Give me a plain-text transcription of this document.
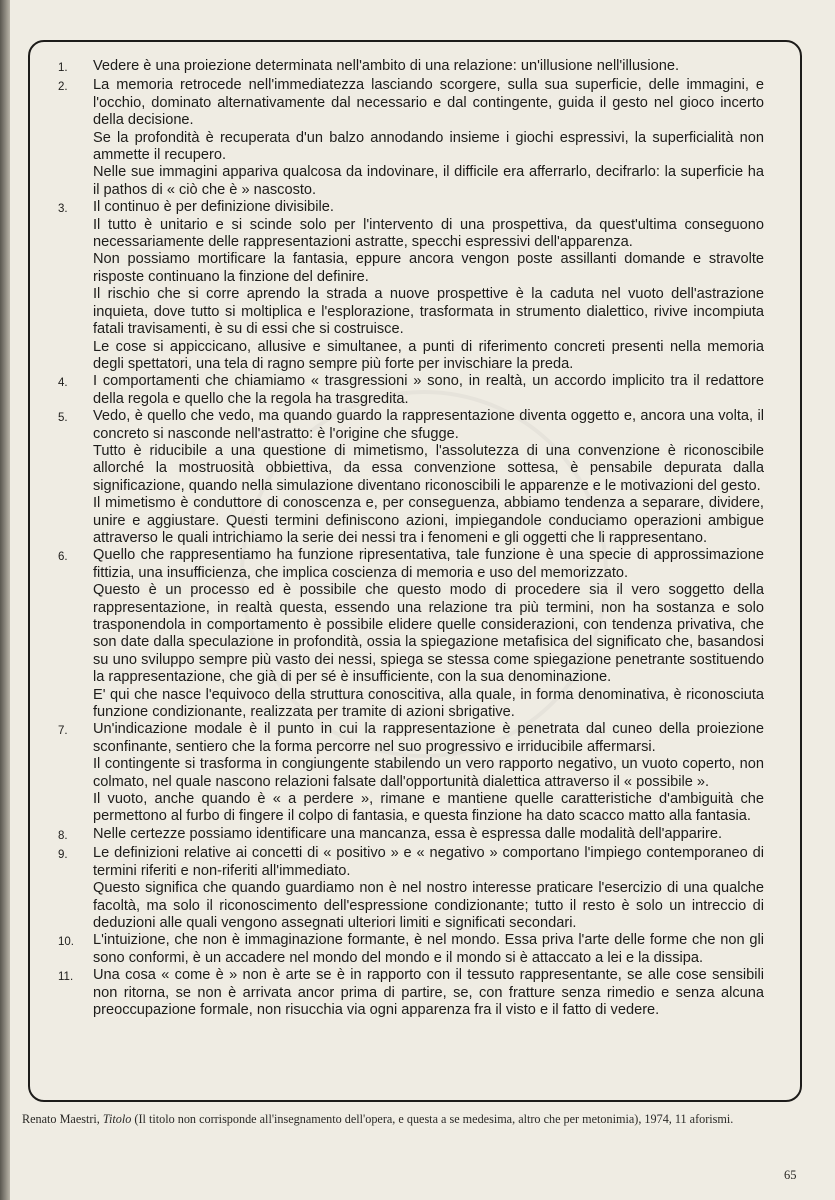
1.	Vedere è una proiezione determinata nell'ambito di una relazione: un'illusione nell'illusione.

2.	La memoria retrocede nell'immediatezza lasciando scorgere, sulla sua superficie, delle immagini, e l'occhio, dominato alternativamente dal necessario e dal contingente, guida il gesto nel gioco incerto della decisione.

Se la profondità è recuperata d'un balzo annodando insieme i giochi espressivi, la superficialità non ammette il recupero.

Nelle sue immagini appariva qualcosa da indovinare, il difficile era afferrarlo, decifrarlo: la superficie ha il pathos di « ciò che è » nascosto.

3.	Il continuo è per definizione divisibile.

Il tutto è unitario e si scinde solo per l'intervento di una prospettiva, da quest'ultima conseguono necessariamente delle rappresentazioni astratte, specchi espressivi dell'apparenza.

Non possiamo mortificare la fantasia, eppure ancora vengon poste assillanti domande e stravolte risposte continuano la finzione del definire.

Il rischio che si corre aprendo la strada a nuove prospettive è la caduta nel vuoto dell'astrazione inquieta, dove tutto si moltiplica e l'esplorazione, trasformata in strumento dialettico, rivive incompiuta fatali travisamenti, è su di essi che si costruisce.

Le cose si appiccicano, allusive e simultanee, a punti di riferimento concreti presenti nella memoria degli spettatori, una tela di ragno sempre più forte per invischiare la preda.

4.	I comportamenti che chiamiamo « trasgressioni » sono, in realtà, un accordo implicito tra il redattore della regola e quello che la regola ha trasgredita.

5.	Vedo, è quello che vedo, ma quando guardo la rappresentazione diventa oggetto e, ancora una volta, il concreto si nasconde nell'astratto: è l'origine che sfugge.

Tutto è riducibile a una questione di mimetismo, l'assolutezza di una convenzione è riconoscibile allorché la mostruosità obbiettiva, da essa convenzione sottesa, è pensabile depurata dalla significazione, quando nella simulazione diventano riconoscibili le apparenze e le motivazioni del gesto.

Il mimetismo è conduttore di conoscenza e, per conseguenza, abbiamo tendenza a separare, dividere, unire e aggiustare. Questi termini definiscono azioni, impiegandole conduciamo operazioni ambigue attraverso le quali intrichiamo la serie dei nessi tra i fenomeni e gli oggetti che li rappresentano.

6.	Quello che rappresentiamo ha funzione ripresentativa, tale funzione è una specie di approssimazione fittizia, una insufficienza, che implica coscienza di memoria e uso del memorizzato.

Questo è un processo ed è possibile che questo modo di procedere sia il vero soggetto della rappresentazione, in realtà questa, essendo una relazione tra più termini, non ha sostanza e solo trasponendola in comportamento è possibile elidere quelle considerazioni, con tendenza privativa, che son date dalla speculazione in profondità, ossia la spiegazione metafisica del significato che, basandosi su uno sviluppo sempre più vasto dei nessi, spiega se stessa come spiegazione penetrante sostituendo la rappresentazione, che già di per sé è insufficiente, con la sua denominazione.

E' qui che nasce l'equivoco della struttura conoscitiva, alla quale, in forma denominativa, è riconosciuta funzione condizionante, realizzata per tramite di azioni sbrigative.

7.	Un'indicazione modale è il punto in cui la rappresentazione è penetrata dal cuneo della proiezione sconfinante, sentiero che la forma percorre nel suo progressivo e irriducibile affermarsi.

Il contingente si trasforma in congiungente stabilendo un vero rapporto negativo, un vuoto coperto, non colmato, nel quale nascono relazioni falsate dall'opportunità dialettica attraverso il « possibile ».

Il vuoto, anche quando è « a perdere », rimane e mantiene quelle caratteristiche d'ambiguità che permettono al furbo di fingere il colpo di fantasia, e questa finzione ha dato scacco matto alla fantasia.

8.	Nelle certezze possiamo identificare una mancanza, essa è espressa dalle modalità dell'apparire.

9.	Le definizioni relative ai concetti di « positivo » e « negativo » comportano l'impiego contemporaneo di termini riferiti e non-riferiti all'immediato.

Questo significa che quando guardiamo non è nel nostro interesse praticare l'esercizio di una qualche facoltà, ma solo il riconoscimento dell'espressione condizionante; tutto il resto è solo un intreccio di deduzioni alle quali vengono assegnati ulteriori limiti e significati secondari.

10.	L'intuizione, che non è immaginazione formante, è nel mondo. Essa priva l'arte delle forme che non gli sono conformi, è un accadere nel mondo del mondo e il mondo si è attaccato a lei e la dissipa.

11.	Una cosa « come è » non è arte se è in rapporto con il tessuto rappresentante, se alle cose sensibili non ritorna, se non è arrivata ancor prima di partire, se, con fratture senza rimedio e senza alcuna preoccupazione formale, non risucchia via ogni apparenza fra il visto e il fatto di vedere.

Renato Maestri, Titolo (Il titolo non corrisponde all'insegnamento dell'opera, e questa a se medesima, altro che per metonimia), 1974, 11 aforismi.
65
